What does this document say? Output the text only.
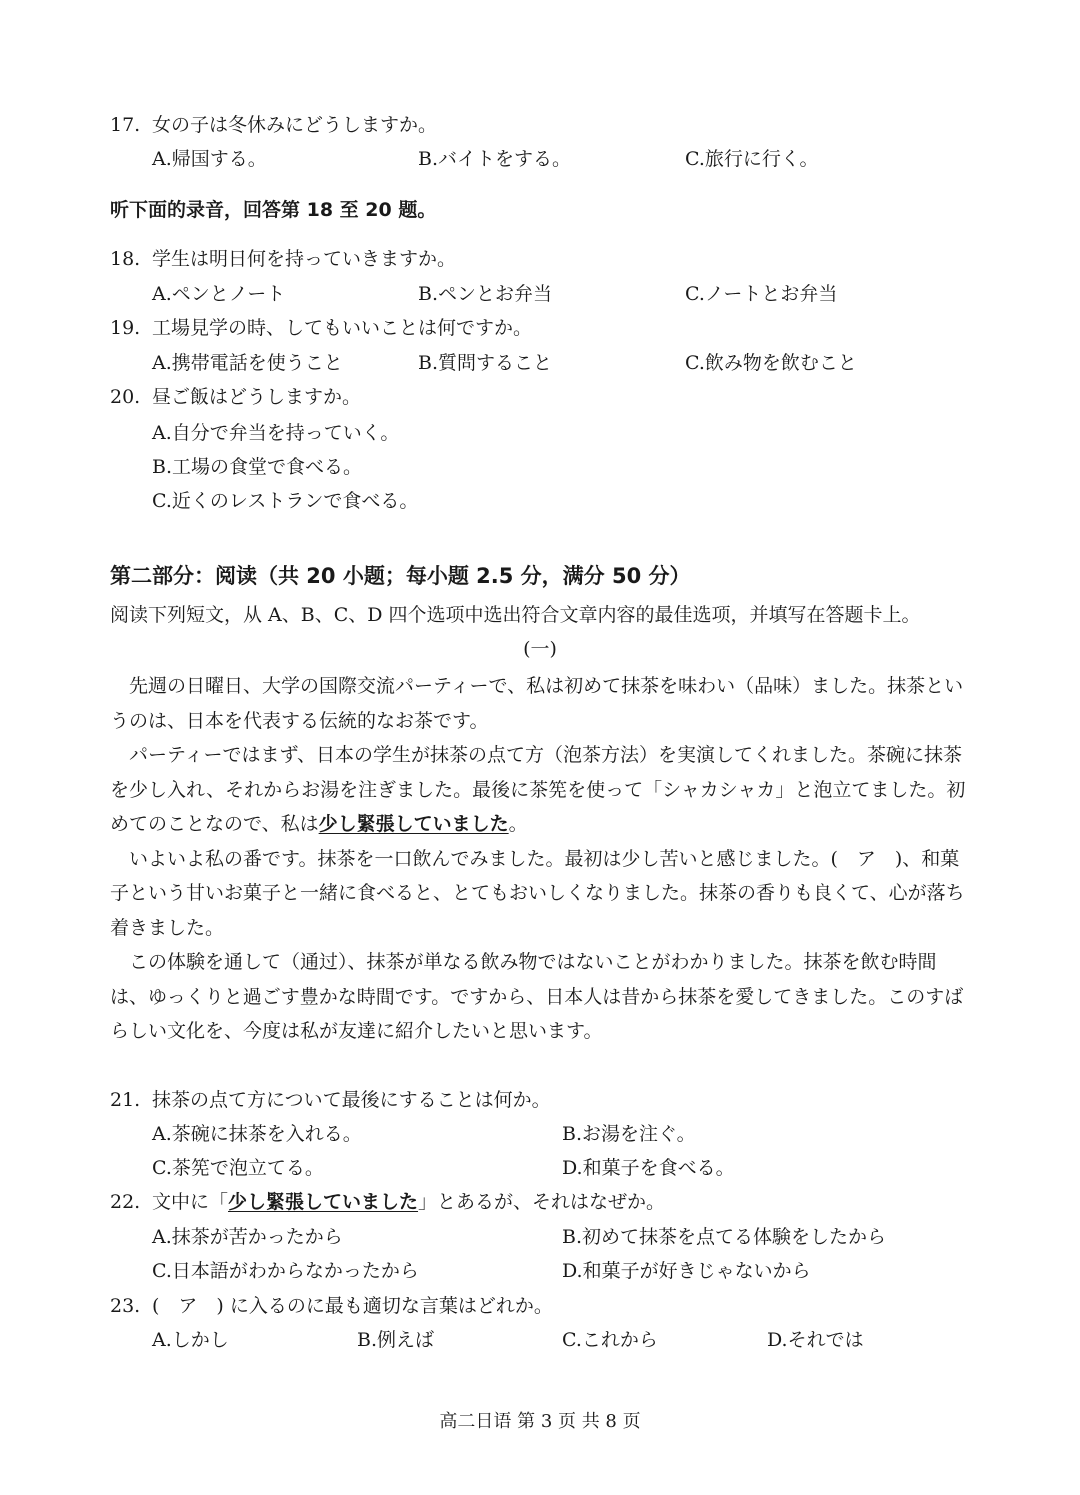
17. 女の子は冬休みにどうしますか。
A.帰国する。	B.バイトをする。	C.旅行に行く。
听下面的录音，回答第 18 至 20 题。
18. 学生は明日何を持っていきますか。
A.ペンとノート	B.ペンとお弁当	C.ノートとお弁当
19. 工場見学の時、してもいいことは何ですか。
A.携帯電話を使うこと	B.質問すること	C.飲み物を飲むこと
20. 昼ご飯はどうしますか。
A.自分で弁当を持っていく。
B.工場の食堂で食べる。
C.近くのレストランで食べる。
第二部分：阅读（共 20 小题；每小题 2.5 分，满分 50 分）
阅读下列短文，从 A、B、C、D 四个选项中选出符合文章内容的最佳选项，并填写在答题卡上。
(一)

先週の日曜日、大学の国際交流パーティーで、私は初めて抹茶を味わい（品味）ました。抹茶というのは、日本を代表する伝統的なお茶です。

パーティーではまず、日本の学生が抹茶の点て方（泡茶方法）を実演してくれました。茶碗に抹茶を少し入れ、それからお湯を注ぎました。最後に茶筅を使って「シャカシャカ」と泡立てました。初めてのことなので、私は少し緊張していました。

いよいよ私の番です。抹茶を一口飲んでみました。最初は少し苦いと感じました。(　ア　)、和菓子という甘いお菓子と一緒に食べると、とてもおいしくなりました。抹茶の香りも良くて、心が落ち着きました。

この体験を通して（通过）、抹茶が単なる飲み物ではないことがわかりました。抹茶を飲む時間は、ゆっくりと過ごす豊かな時間です。ですから、日本人は昔から抹茶を愛してきました。このすばらしい文化を、今度は私が友達に紹介したいと思います。

21. 抹茶の点て方について最後にすることは何か。
A.茶碗に抹茶を入れる。	B.お湯を注ぐ。
C.茶筅で泡立てる。	D.和菓子を食べる。
22. 文中に「少し緊張していました」とあるが、それはなぜか。
A.抹茶が苦かったから	B.初めて抹茶を点てる体験をしたから
C.日本語がわからなかったから	D.和菓子が好きじゃないから
23. (　ア　) に入るのに最も適切な言葉はどれか。
A.しかし	B.例えば	C.これから	D.それでは
高二日语 第 3 页 共 8 页
